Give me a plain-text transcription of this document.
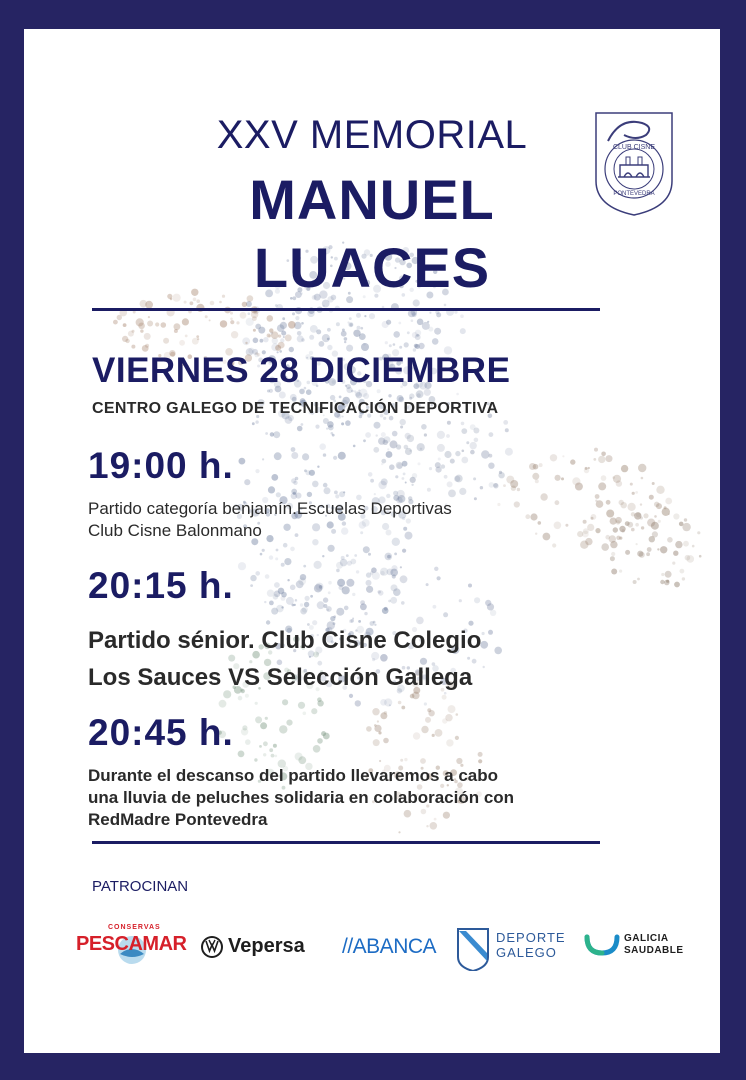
XXV MEMORIAL

MANUEL

LUACES

CLUB CISNE
PONTEVEDRA

VIERNES 28 DICIEMBRE

CENTRO GALEGO DE TECNIFICACIÓN DEPORTIVA

19:00 h.

Partido categoría benjamín.Escuelas Deportivas

Club Cisne Balonmano

20:15 h.

Partido sénior. Club Cisne Colegio

Los Sauces VS Selección Gallega

20:45 h.

Durante el descanso del partido llevaremos a cabo

una lluvia de peluches solidaria en colaboración con

RedMadre Pontevedra

PATROCINAN

CONSERVAS
PESCAMAR Vepersa //ABANCA	DEPORTE
GALEGO
GALICIA
SAUDABLE
